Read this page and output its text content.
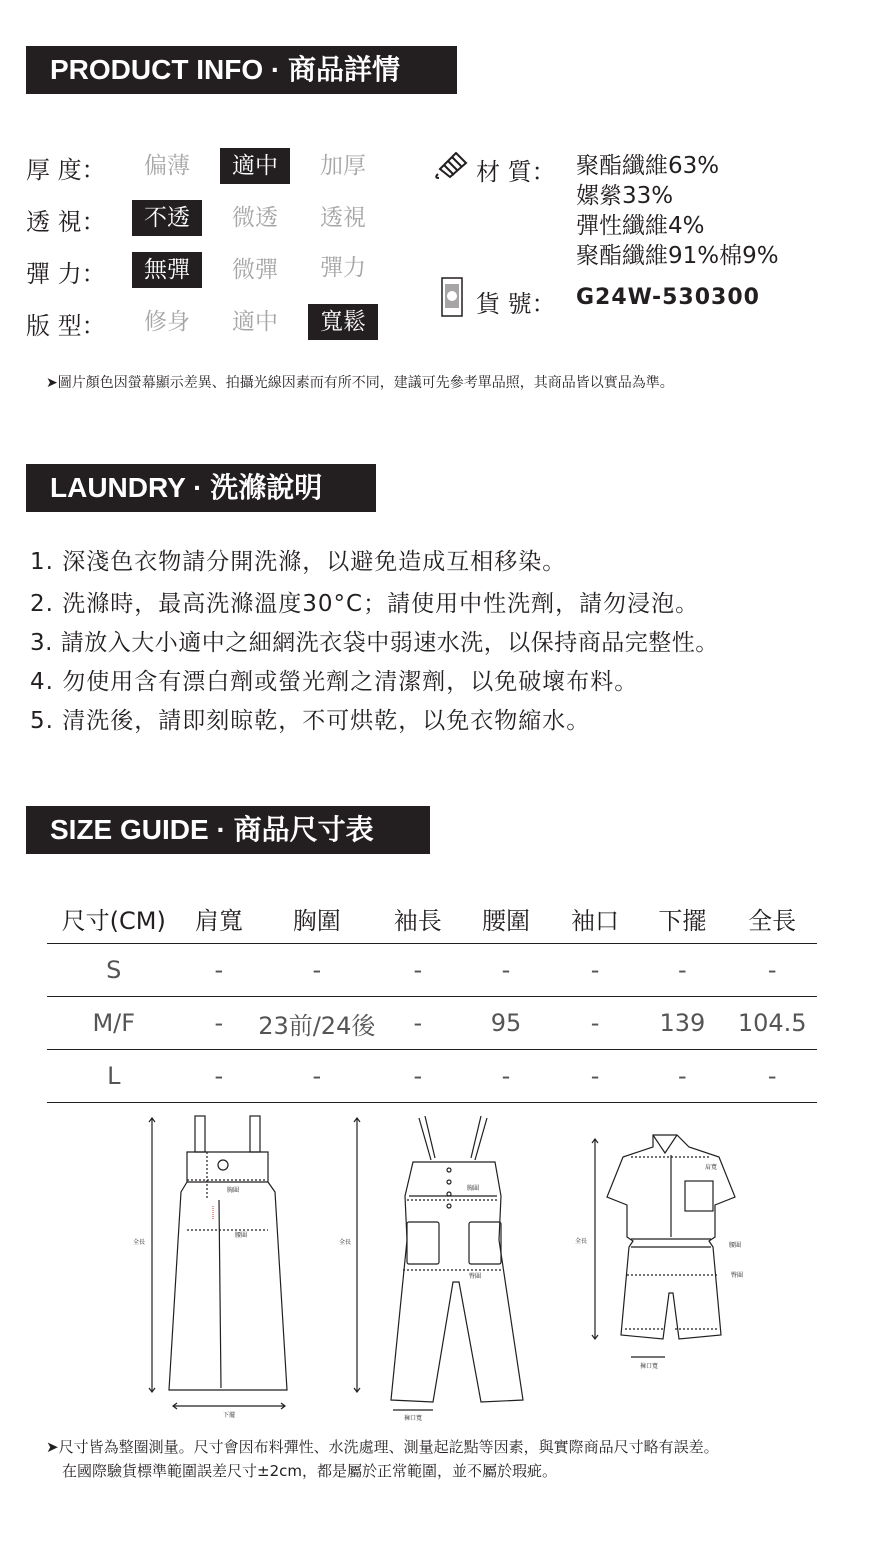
PRODUCT INFO · 商品詳情
厚 度：	偏薄	適中	加厚
透 視：	不透	微透	透視
彈 力：	無彈	微彈	彈力
版 型：	修身	適中	寬鬆
材 質： 聚酯纖維63%
嫘縈33%
彈性纖維4%
聚酯纖維91%棉9%
貨 號： G24W-530300
➤圖片顏色因螢幕顯示差異、拍攝光線因素而有所不同，建議可先參考單品照，其商品皆以實品為準。
LAUNDRY · 洗滌說明
1. 深淺色衣物請分開洗滌，以避免造成互相移染。
2. 洗滌時，最高洗滌溫度30°C；請使用中性洗劑，請勿浸泡。
3. 請放入大小適中之細網洗衣袋中弱速水洗，以保持商品完整性。
4. 勿使用含有漂白劑或螢光劑之清潔劑，以免破壞布料。
5. 清洗後，請即刻晾乾，不可烘乾，以免衣物縮水。
SIZE GUIDE · 商品尺寸表
尺寸(CM)	肩寬	胸圍	袖長	腰圍	袖口	下擺	全長
S	-	-	-	-	-	-	-
M/F	-	23前/24後	-	95	-	139	104.5
L	-	-	-	-	-	-	-
胸圍
腰圍
全長
下擺
胸圍
臀圍
全長
褲口寬
肩寬
腰圍
臀圍
全長
褲口寬
➤尺寸皆為整圈測量。尺寸會因布料彈性、水洗處理、測量起訖點等因素，與實際商品尺寸略有誤差。
在國際驗貨標準範圍誤差尺寸±2cm，都是屬於正常範圍，並不屬於瑕疵。
